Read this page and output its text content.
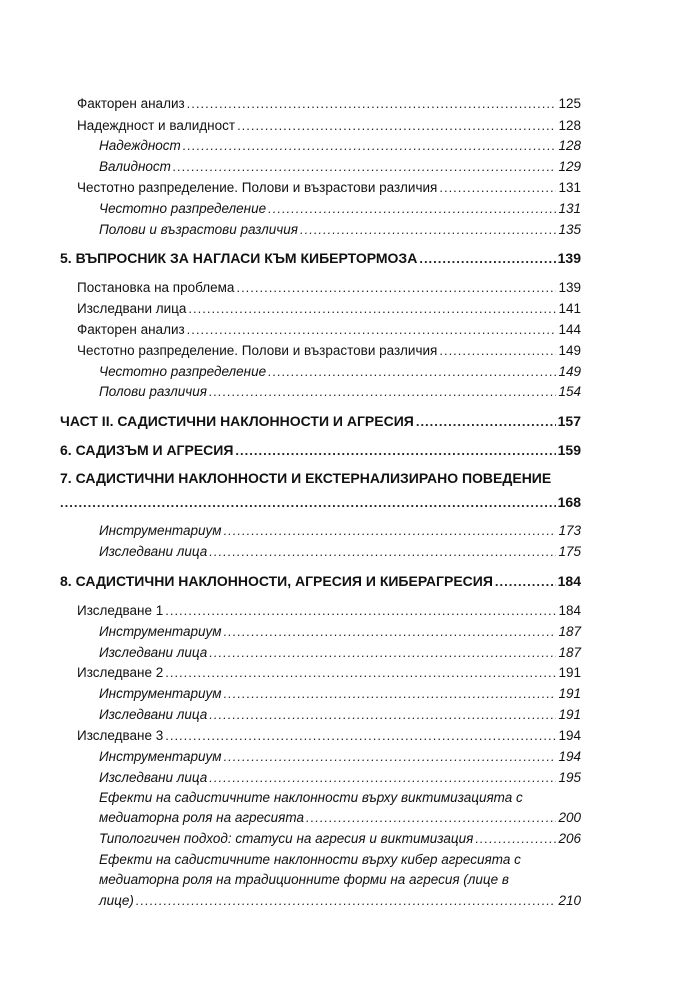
Факторен анализ .....	125
Надеждност и валидност .....	128
Надеждност .....	128
Валидност .....	129
Честотно разпределение. Полови и възрастови различия .....	131
Честотно разпределение .....	131
Полови и възрастови различия .....	135
5. ВЪПРОСНИК ЗА НАГЛАСИ КЪМ КИБЕРТОРМОЗА .....	139
Постановка на проблема .....	139
Изследвани лица .....	141
Факторен анализ .....	144
Честотно разпределение. Полови и възрастови различия .....	149
Честотно разпределение .....	149
Полови различия .....	154
ЧАСТ II. САДИСТИЧНИ НАКЛОННОСТИ И АГРЕСИЯ .....	157
6. САДИЗЪМ И АГРЕСИЯ .....	159
7. САДИСТИЧНИ НАКЛОННОСТИ И ЕКСТЕРНАЛИЗИРАНО ПОВЕДЕНИЕ
.....
168
Инструментариум .....	173
Изследвани лица .....	175
8. САДИСТИЧНИ НАКЛОННОСТИ, АГРЕСИЯ И КИБЕРАГРЕСИЯ .....	184
Изследване 1 .....	184
Инструментариум .....	187
Изследвани лица .....	187
Изследване 2 .....	191
Инструментариум .....	191
Изследвани лица .....	191
Изследване 3 .....	194
Инструментариум .....	194
Изследвани лица .....	195
Ефекти на садистичните наклонности върху виктимизацията с
медиаторна роля на агресията .....	200
Типологичен подход: статуси на агресия и виктимизация .....	206
Ефекти на садистичните наклонности върху кибер агресията с
медиаторна роля на традиционните форми на агресия (лице в
лице) .....	210
